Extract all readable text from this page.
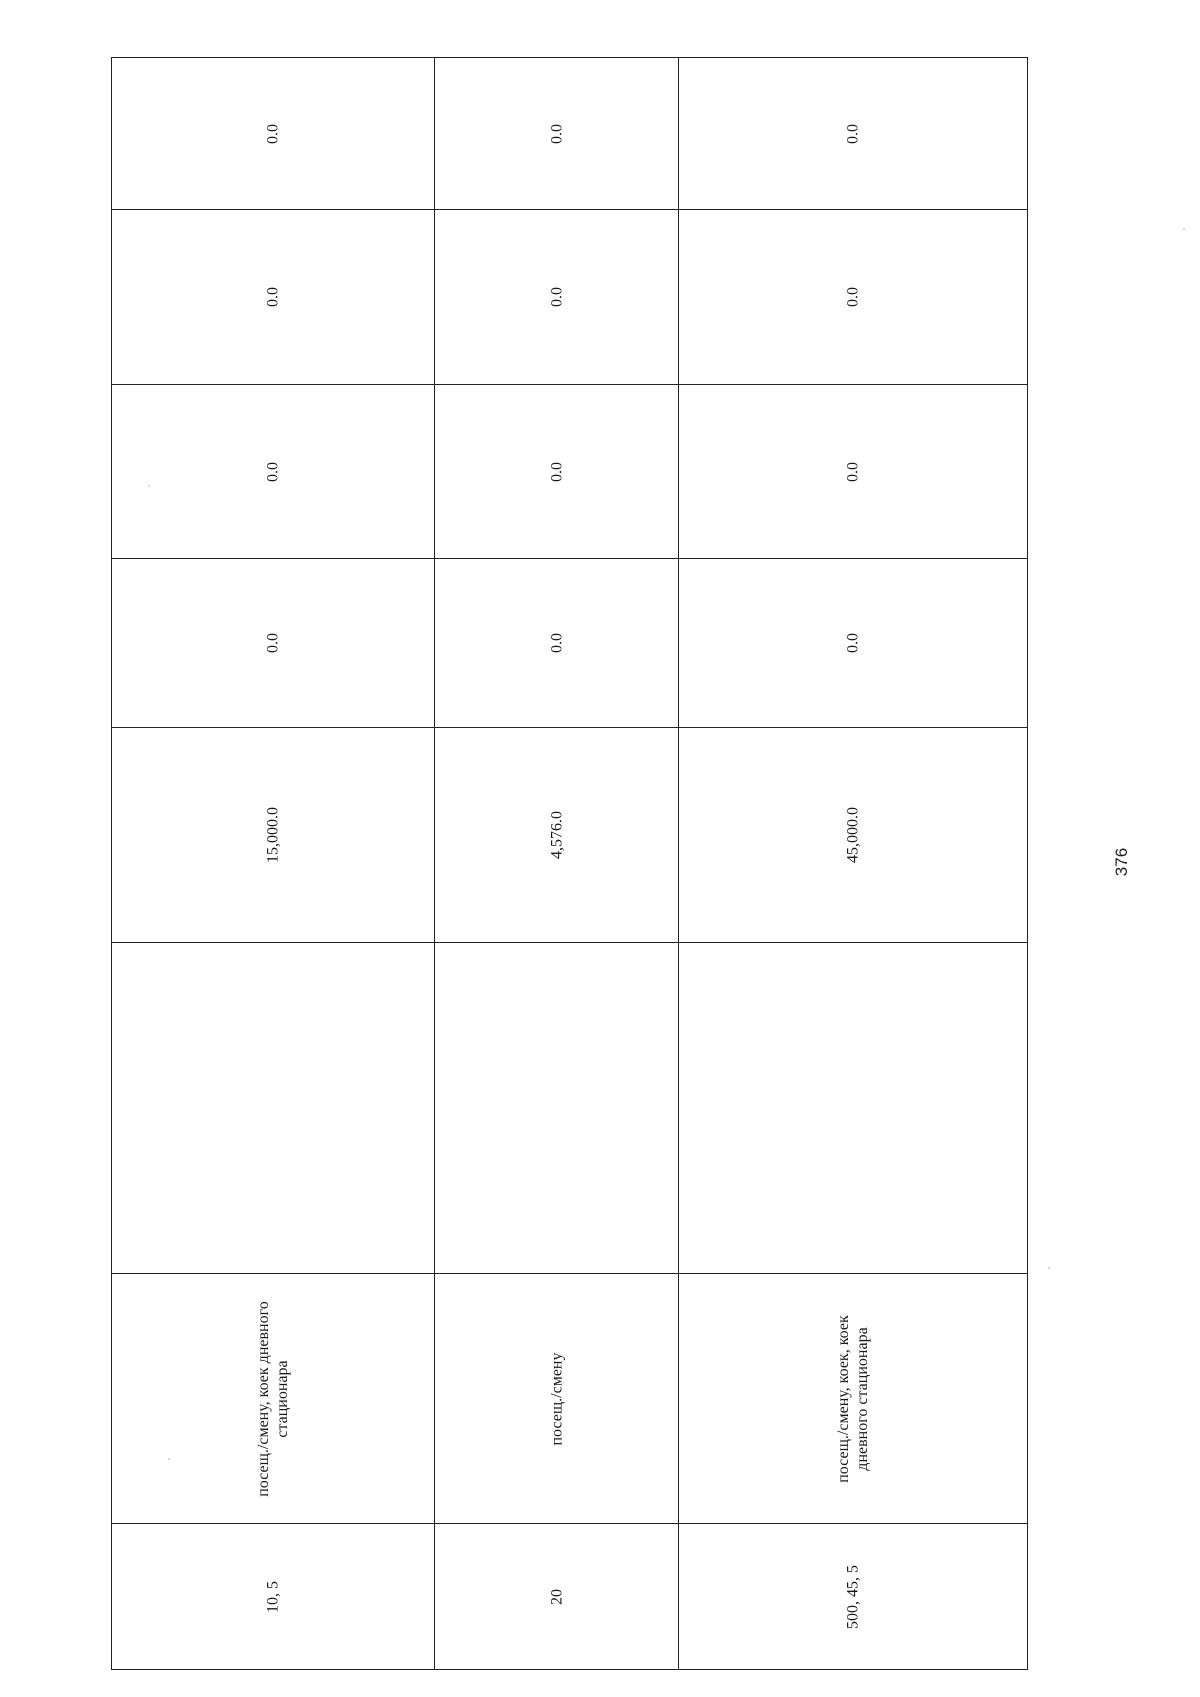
0.0	0.0	0.0

0.0	0.0	0.0

0.0	0.0	0.0

0.0	0.0	0.0

15,000.0	4,576.0	45,000.0

посещ./смену, коек дневного стационара	посещ./смену	посещ./смену, коек, коек дневного стационара

10, 5	20	500, 45, 5
376
